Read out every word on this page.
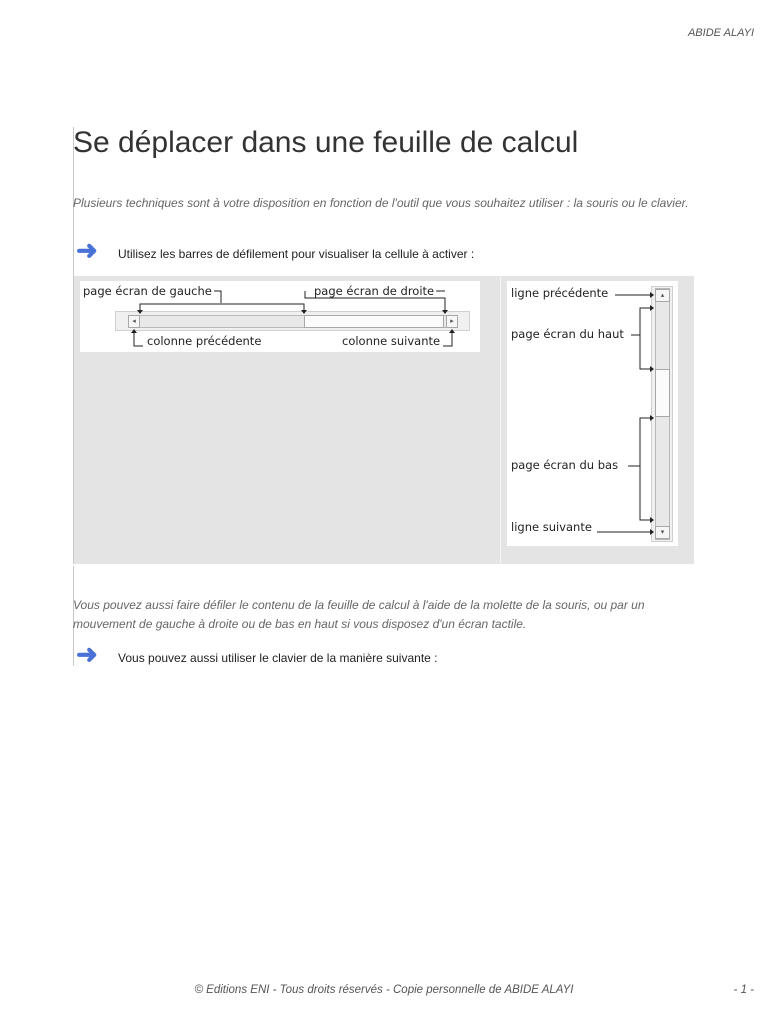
ABIDE ALAYI
Se déplacer dans une feuille de calcul
Plusieurs techniques sont à votre disposition en fonction de l'outil que vous souhaitez utiliser : la souris ou le clavier.
➜ Utilisez les barres de défilement pour visualiser la cellule à activer :
◂	▸
page écran de gauche	page écran de droite
colonne précédente	colonne suivante
▴
▾
ligne précédente
page écran du haut
page écran du bas
ligne suivante
Vous pouvez aussi faire défiler le contenu de la feuille de calcul à l'aide de la molette de la souris, ou par un mouvement de gauche à droite ou de bas en haut si vous disposez d'un écran tactile.
➜ Vous pouvez aussi utiliser le clavier de la manière suivante :
© Editions ENI - Tous droits réservés - Copie personnelle de ABIDE ALAYI	- 1 -
